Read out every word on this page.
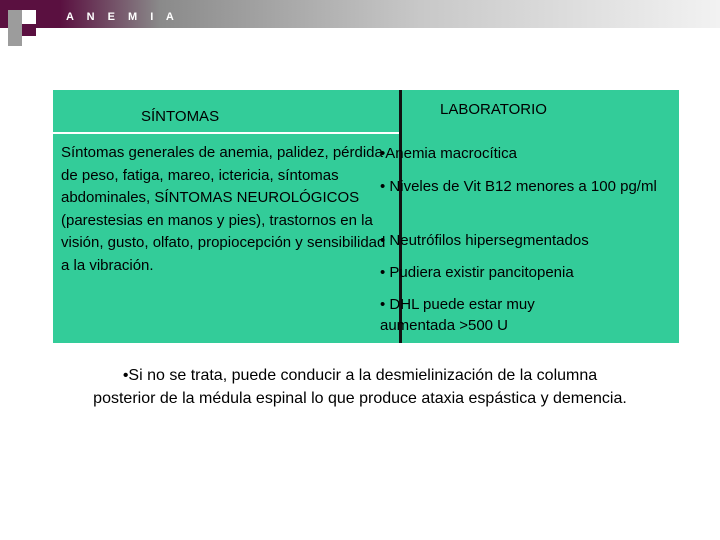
A N E M I A
SÍNTOMAS	LABORATORIO
Síntomas generales de anemia, palidez, pérdida de peso, fatiga, mareo, ictericia, síntomas abdominales, SÍNTOMAS NEUROLÓGICOS (parestesias en manos y pies), trastornos en la visión, gusto, olfato, propiocepción y sensibilidad a la vibración.
•Anemia macrocítica
• Niveles de Vit B12 menores a 100 pg/ml
• Neutrófilos hipersegmentados
• Pudiera existir pancitopenia
• DHL puede estar muy aumentada >500 U
•Si no se trata, puede conducir a la desmielinización de la columna
posterior de la médula espinal lo que produce ataxia espástica y demencia.
